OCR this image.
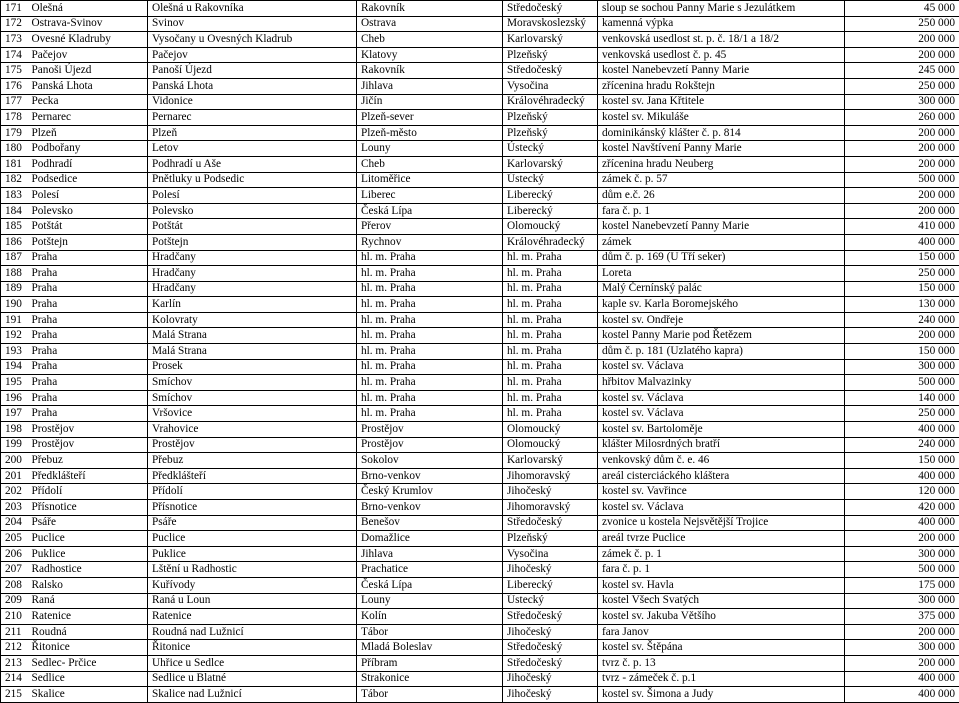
171	Olešná	Olešná u Rakovníka	Rakovník	Středočeský	sloup se sochou Panny Marie s Jezulátkem	45 000
172	Ostrava-Svinov	Svinov	Ostrava	Moravskoslezský	kamenná výpka	250 000
173	Ovesné Kladruby	Vysočany u Ovesných Kladrub	Cheb	Karlovarský	venkovská usedlost st. p. č. 18/1 a 18/2	200 000
174	Pačejov	Pačejov	Klatovy	Plzeňský	venkovská usedlost č. p. 45	200 000
175	Panoši Újezd	Panoší Újezd	Rakovník	Středočeský	kostel Nanebevzetí Panny Marie	245 000
176	Panská Lhota	Panská Lhota	Jihlava	Vysočina	zřícenina hradu Rokštejn	250 000
177	Pecka	Vidonice	Jičín	Královéhradecký	kostel sv. Jana Křtitele	300 000
178	Pernarec	Pernarec	Plzeň-sever	Plzeňský	kostel sv. Mikuláše	260 000
179	Plzeň	Plzeň	Plzeň-město	Plzeňský	dominikánský klášter č. p. 814	200 000
180	Podbořany	Letov	Louny	Ústecký	kostel Navštívení Panny Marie	200 000
181	Podhradí	Podhradí u Aše	Cheb	Karlovarský	zřícenina hradu Neuberg	200 000
182	Podsedice	Pnětluky u Podsedic	Litoměřice	Ústecký	zámek č. p. 57	500 000
183	Polesí	Polesí	Liberec	Liberecký	dům e.č. 26	200 000
184	Polevsko	Polevsko	Česká Lípa	Liberecký	fara č. p. 1	200 000
185	Potštát	Potštát	Přerov	Olomoucký	kostel Nanebevzetí Panny Marie	410 000
186	Potštejn	Potštejn	Rychnov	Královéhradecký	zámek	400 000
187	Praha	Hradčany	hl. m. Praha	hl. m. Praha	dům č. p. 169 (U Tří seker)	150 000
188	Praha	Hradčany	hl. m. Praha	hl. m. Praha	Loreta	250 000
189	Praha	Hradčany	hl. m. Praha	hl. m. Praha	Malý Černínský palác	150 000
190	Praha	Karlín	hl. m. Praha	hl. m. Praha	kaple sv. Karla Boromejského	130 000
191	Praha	Kolovraty	hl. m. Praha	hl. m. Praha	kostel sv. Ondřeje	240 000
192	Praha	Malá Strana	hl. m. Praha	hl. m. Praha	kostel Panny Marie pod Řetězem	200 000
193	Praha	Malá Strana	hl. m. Praha	hl. m. Praha	dům č. p. 181 (Uzlatého kapra)	150 000
194	Praha	Prosek	hl. m. Praha	hl. m. Praha	kostel sv. Václava	300 000
195	Praha	Smíchov	hl. m. Praha	hl. m. Praha	hřbitov Malvazinky	500 000
196	Praha	Smíchov	hl. m. Praha	hl. m. Praha	kostel sv. Václava	140 000
197	Praha	Vršovice	hl. m. Praha	hl. m. Praha	kostel sv. Václava	250 000
198	Prostějov	Vrahovice	Prostějov	Olomoucký	kostel sv. Bartoloměje	400 000
199	Prostějov	Prostějov	Prostějov	Olomoucký	klášter Milosrdných bratří	240 000
200	Přebuz	Přebuz	Sokolov	Karlovarský	venkovský dům č. e. 46	150 000
201	Předklášteří	Předklášteří	Brno-venkov	Jihomoravský	areál cisterciáckého kláštera	400 000
202	Přídolí	Přídolí	Český Krumlov	Jihočeský	kostel sv. Vavřince	120 000
203	Přísnotice	Přísnotice	Brno-venkov	Jihomoravský	kostel sv. Václava	420 000
204	Psáře	Psáře	Benešov	Středočeský	zvonice u kostela Nejsvětější Trojice	400 000
205	Puclice	Puclice	Domažlice	Plzeňský	areál tvrze Puclice	200 000
206	Puklice	Puklice	Jihlava	Vysočina	zámek č. p. 1	300 000
207	Radhostice	Lštění u Radhostic	Prachatice	Jihočeský	fara č. p. 1	500 000
208	Ralsko	Kuřívody	Česká Lípa	Liberecký	kostel sv. Havla	175 000
209	Raná	Raná u Loun	Louny	Ústecký	kostel Všech Svatých	300 000
210	Ratenice	Ratenice	Kolín	Středočeský	kostel sv. Jakuba Většího	375 000
211	Roudná	Roudná nad Lužnicí	Tábor	Jihočeský	fara Janov	200 000
212	Řitonice	Řitonice	Mladá Boleslav	Středočeský	kostel sv. Štěpána	300 000
213	Sedlec- Prčice	Uhřice u Sedlce	Příbram	Středočeský	tvrz č. p. 13	200 000
214	Sedlice	Sedlice u Blatné	Strakonice	Jihočeský	tvrz - zámeček č. p.1	400 000
215	Skalice	Skalice nad Lužnicí	Tábor	Jihočeský	kostel sv. Šimona a Judy	400 000
